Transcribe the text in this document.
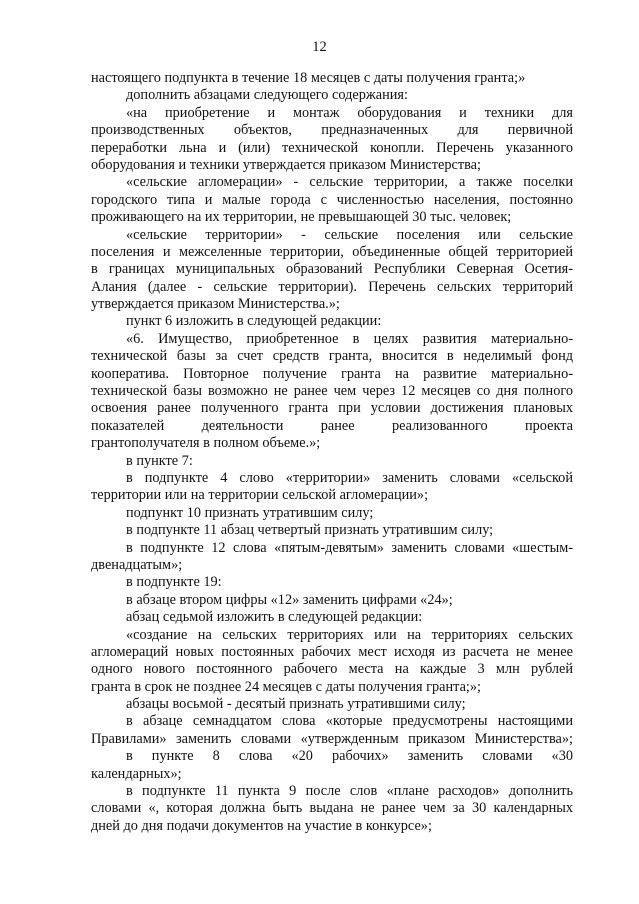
12
настоящего подпункта в течение 18 месяцев с даты получения гранта;»
дополнить абзацами следующего содержания:
«на приобретение и монтаж оборудования и техники для
производственных объектов, предназначенных для первичной
переработки льна и (или) технической конопли. Перечень указанного
оборудования и техники утверждается приказом Министерства;
«сельские агломерации» - сельские территории, а также поселки
городского типа и малые города с численностью населения, постоянно
проживающего на их территории, не превышающей 30 тыс. человек;
«сельские территории» - сельские поселения или сельские
поселения и межселенные территории, объединенные общей территорией
в границах муниципальных образований Республики Северная Осетия-
Алания (далее - сельские территории). Перечень сельских территорий
утверждается приказом Министерства.»;
пункт 6 изложить в следующей редакции:
«6. Имущество, приобретенное в целях развития материально-
технической базы за счет средств гранта, вносится в неделимый фонд
кооператива. Повторное получение гранта на развитие материально-
технической базы возможно не ранее чем через 12 месяцев со дня полного
освоения ранее полученного гранта при условии достижения плановых
показателей деятельности ранее реализованного проекта
грантополучателя в полном объеме.»;
в пункте 7:
в подпункте 4 слово «территории» заменить словами «сельской
территории или на территории сельской агломерации»;
подпункт 10 признать утратившим силу;
в подпункте 11 абзац четвертый признать утратившим силу;
в подпункте 12 слова «пятым-девятым» заменить словами «шестым-
двенадцатым»;
в подпункте 19:
в абзаце втором цифры «12» заменить цифрами «24»;
абзац седьмой изложить в следующей редакции:
«создание на сельских территориях или на территориях сельских
агломераций новых постоянных рабочих мест исходя из расчета не менее
одного нового постоянного рабочего места на каждые 3 млн рублей
гранта в срок не позднее 24 месяцев с даты получения гранта;»;
абзацы восьмой - десятый признать утратившими силу;
в абзаце семнадцатом слова «которые предусмотрены настоящими
Правилами» заменить словами «утвержденным приказом Министерства»;
в пункте 8 слова «20 рабочих» заменить словами «30
календарных»;
в подпункте 11 пункта 9 после слов «плане расходов» дополнить
словами «, которая должна быть выдана не ранее чем за 30 календарных
дней до дня подачи документов на участие в конкурсе»;
